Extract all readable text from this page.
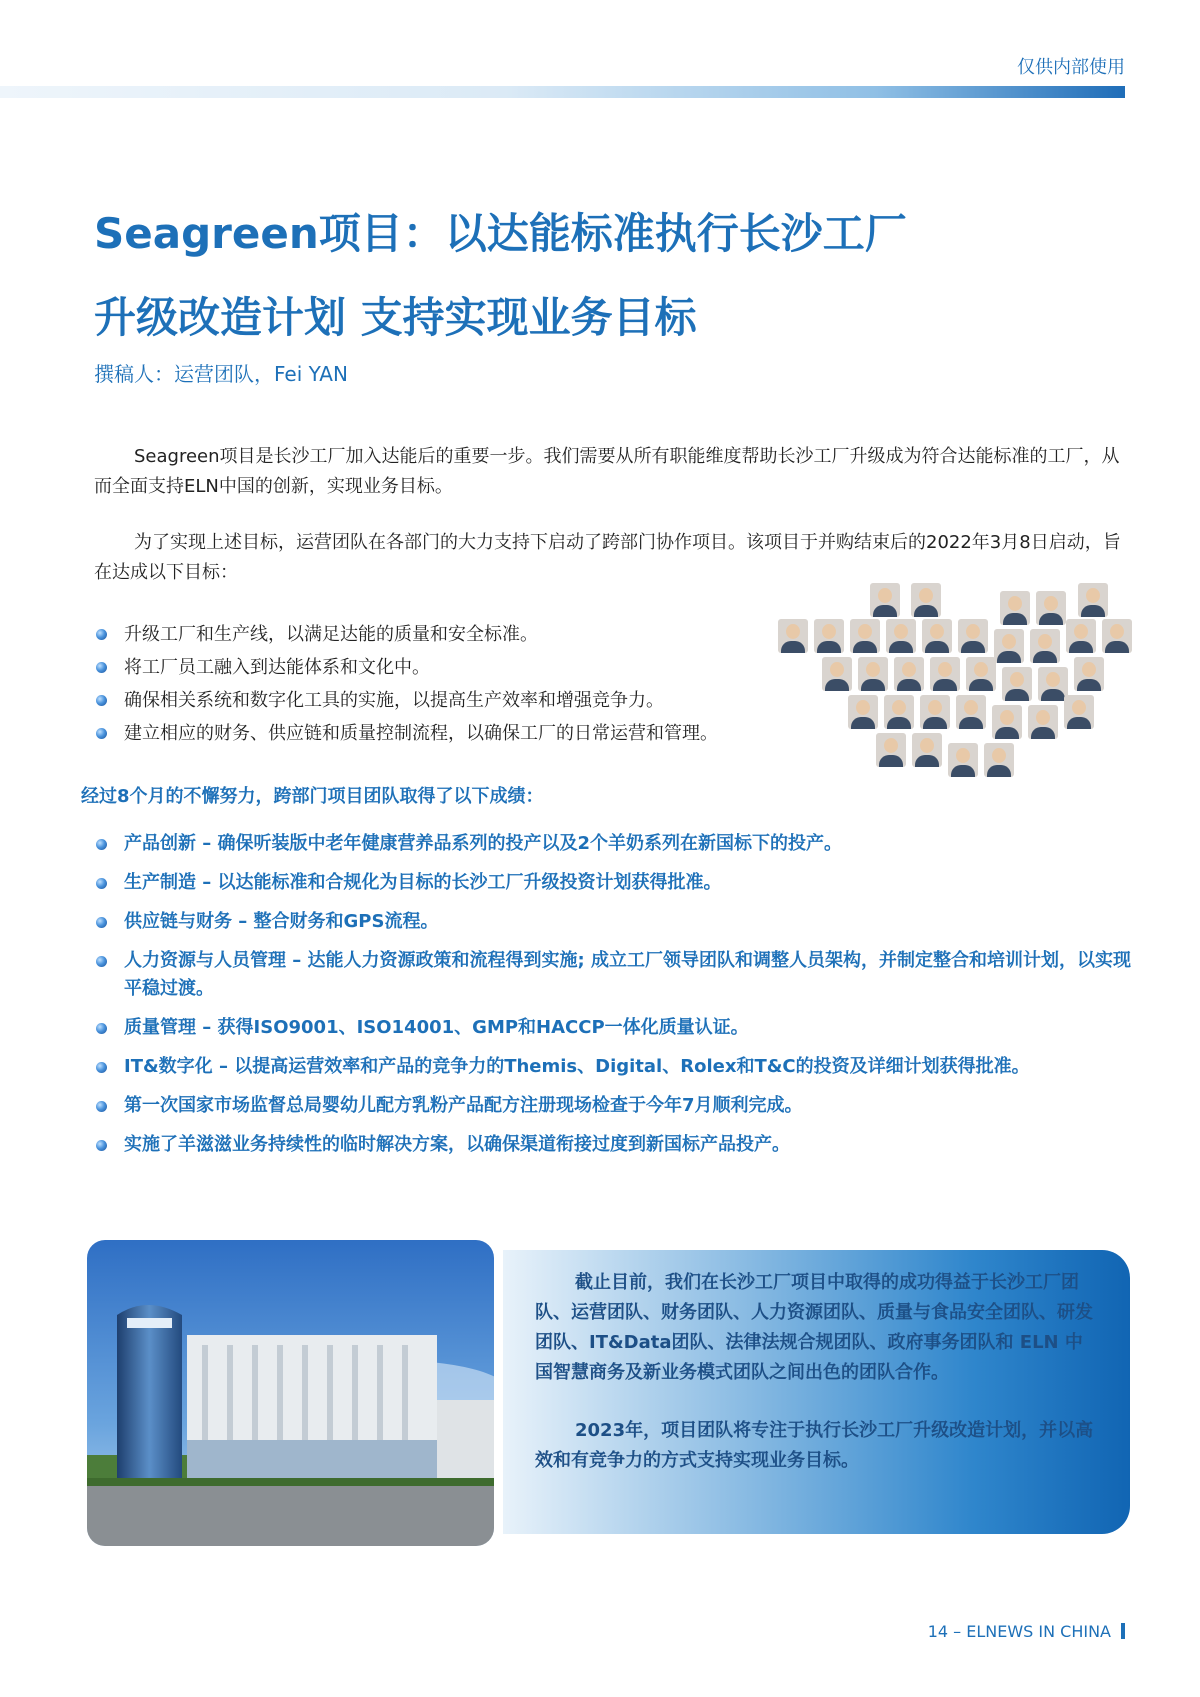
仅供内部使用
Seagreen项目：以达能标准执行长沙工厂
升级改造计划 支持实现业务目标
撰稿人：运营团队，Fei YAN
Seagreen项目是长沙工厂加入达能后的重要一步。我们需要从所有职能维度帮助长沙工厂升级成为符合达能标准的工厂，从而全面支持ELN中国的创新，实现业务目标。
为了实现上述目标，运营团队在各部门的大力支持下启动了跨部门协作项目。该项目于并购结束后的2022年3月8日启动，旨在达成以下目标：
升级工厂和生产线，以满足达能的质量和安全标准。
将工厂员工融入到达能体系和文化中。
确保相关系统和数字化工具的实施，以提高生产效率和增强竞争力。
建立相应的财务、供应链和质量控制流程，以确保工厂的日常运营和管理。
经过8个月的不懈努力，跨部门项目团队取得了以下成绩：
产品创新 – 确保听装版中老年健康营养品系列的投产以及2个羊奶系列在新国标下的投产。
生产制造 – 以达能标准和合规化为目标的长沙工厂升级投资计划获得批准。
供应链与财务 – 整合财务和GPS流程。
人力资源与人员管理 – 达能人力资源政策和流程得到实施; 成立工厂领导团队和调整人员架构，并制定整合和培训计划，以实现平稳过渡。
质量管理 – 获得ISO9001、ISO14001、GMP和HACCP一体化质量认证。
IT&数字化 – 以提高运营效率和产品的竞争力的Themis、Digital、Rolex和T&C的投资及详细计划获得批准。
第一次国家市场监督总局婴幼儿配方乳粉产品配方注册现场检查于今年7月顺利完成。
实施了羊滋滋业务持续性的临时解决方案，以确保渠道衔接过度到新国标产品投产。
截止目前，我们在长沙工厂项目中取得的成功得益于长沙工厂团队、运营团队、财务团队、人力资源团队、质量与食品安全团队、研发团队、IT&Data团队、法律法规合规团队、政府事务团队和 ELN 中国智慧商务及新业务模式团队之间出色的团队合作。
2023年，项目团队将专注于执行长沙工厂升级改造计划，并以高效和有竞争力的方式支持实现业务目标。
14 – ELNEWS IN CHINA
